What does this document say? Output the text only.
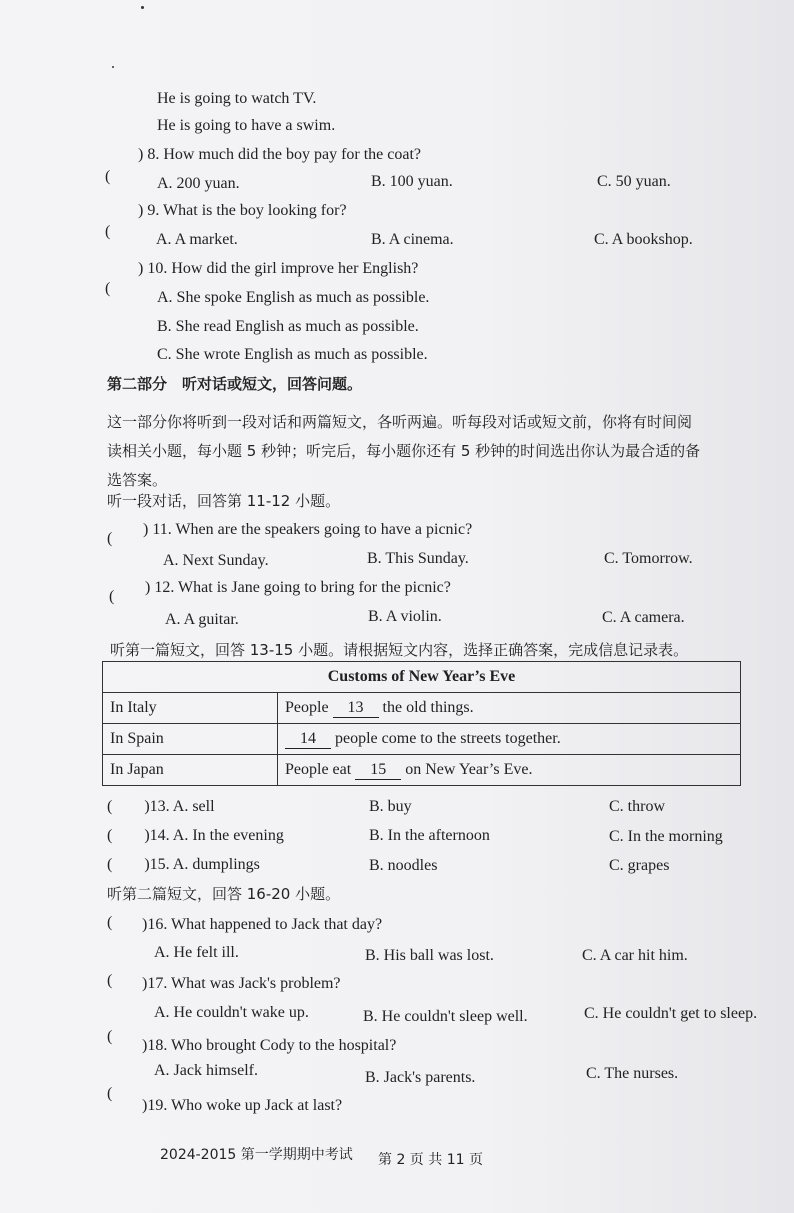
He is going to watch TV.
He is going to have a swim.
(
) 8. How much did the boy pay for the coat?
A. 200 yuan.	B. 100 yuan.	C. 50 yuan.
(
) 9. What is the boy looking for?
A. A market.	B. A cinema.	C. A bookshop.
(
) 10. How did the girl improve her English?
A. She spoke English as much as possible.
B. She read English as much as possible.
C. She wrote English as much as possible.
第二部分　听对话或短文，回答问题。
这一部分你将听到一段对话和两篇短文，各听两遍。听每段对话或短文前，你将有时间阅
读相关小题，每小题 5 秒钟；听完后，每小题你还有 5 秒钟的时间选出你认为最合适的备
选答案。
听一段对话，回答第 11-12 小题。
(
) 11. When are the speakers going to have a picnic?
A. Next Sunday.	B. This Sunday.	C. Tomorrow.
(
) 12. What is Jane going to bring for the picnic?
A. A guitar.	B. A violin.	C. A camera.
听第一篇短文，回答 13-15 小题。请根据短文内容，选择正确答案，完成信息记录表。
Customs of New Year’s Eve	
In Italy	People 13 the old things.
In Spain	14 people come to the streets together.
In Japan	People eat 15 on New Year’s Eve.
(　　)13. A. sell	B. buy	C. throw
(　　)14. A. In the evening	B. In the afternoon	C. In the morning
(　　)15. A. dumplings	B. noodles	C. grapes
听第二篇短文，回答 16-20 小题。
( )16. What happened to Jack that day?
A. He felt ill.	B. His ball was lost.	C. A car hit him.
( )17. What was Jack's problem?
A. He couldn't wake up.	B. He couldn't sleep well.	C. He couldn't get to sleep.
(
)18. Who brought Cody to the hospital?
A. Jack himself.	B. Jack's parents.	C. The nurses.
(
)19. Who woke up Jack at last?
2024-2015 第一学期期中考试 第 2 页 共 11 页
